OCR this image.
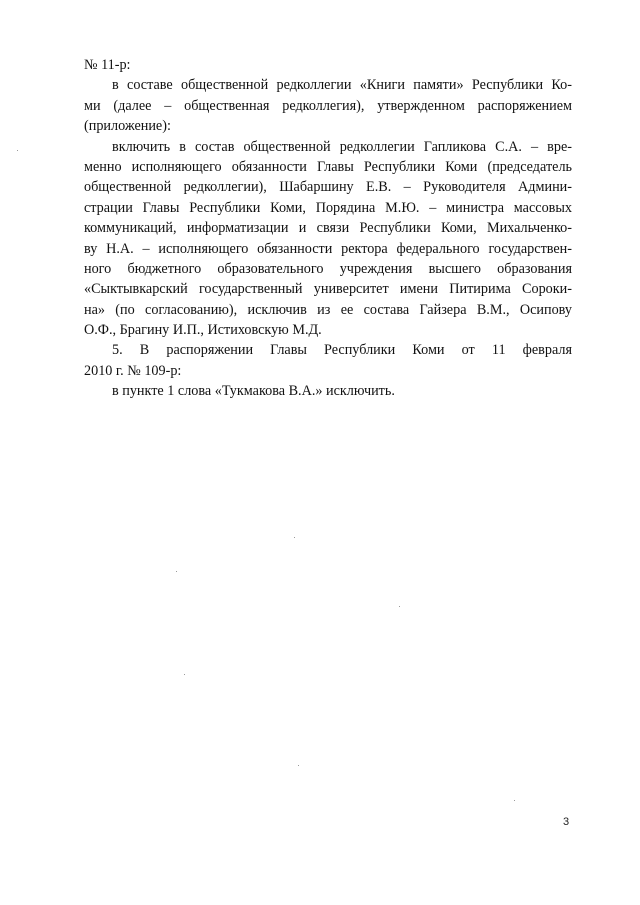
№ 11-р:
в составе общественной редколлегии «Книги памяти» Республики Ко-
ми (далее – общественная редколлегия), утвержденном распоряжением
(приложение):
включить в состав общественной редколлегии Гапликова С.А. – вре-
менно исполняющего обязанности Главы Республики Коми (председатель
общественной редколлегии), Шабаршину Е.В. – Руководителя Админи-
страции Главы Республики Коми, Порядина М.Ю. – министра массовых
коммуникаций, информатизации и связи Республики Коми, Михальченко-
ву Н.А. – исполняющего обязанности ректора федерального государствен-
ного бюджетного образовательного учреждения высшего образования
«Сыктывкарский государственный университет имени Питирима Сороки-
на» (по согласованию), исключив из ее состава Гайзера В.М., Осипову
О.Ф., Брагину И.П., Истиховскую М.Д.
5. В распоряжении Главы Республики Коми от 11 февраля
2010 г. № 109-р:
в пункте 1 слова «Тукмакова В.А.» исключить.
3
